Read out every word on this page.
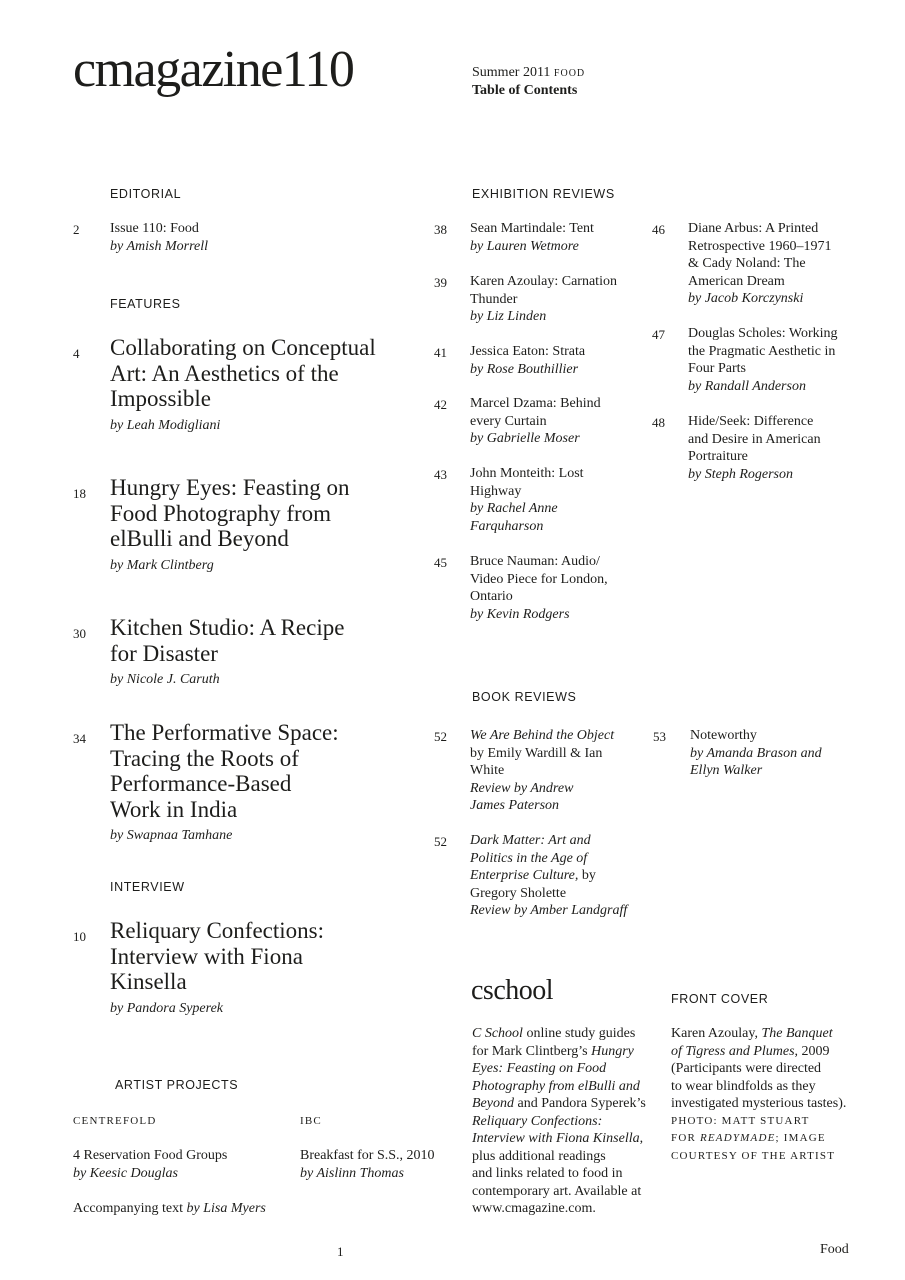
cmagazine110	Summer 2011 FOOD
Table of Contents
EDITORIAL
2 Issue 110: Food
by Amish Morrell
FEATURES
4 Collaborating on Conceptual
Art: An Aesthetics of the
Impossible
by Leah Modigliani
18 Hungry Eyes: Feasting on
Food Photography from
elBulli and Beyond
by Mark Clintberg
30 Kitchen Studio: A Recipe
for Disaster
by Nicole J. Caruth
34 The Performative Space:
Tracing the Roots of
Performance-Based
Work in India
by Swapnaa Tamhane
INTERVIEW
10 Reliquary Confections:
Interview with Fiona
Kinsella
by Pandora Syperek
ARTIST PROJECTS
CENTREFOLD	IBC
4 Reservation Food Groups
by Keesic Douglas
Breakfast for S.S., 2010
by Aislinn Thomas
Accompanying text by Lisa Myers
EXHIBITION REVIEWS
38 Sean Martindale: Tent
by Lauren Wetmore
39 Karen Azoulay: Carnation
Thunder
by Liz Linden
41 Jessica Eaton: Strata
by Rose Bouthillier
42 Marcel Dzama: Behind
every Curtain
by Gabrielle Moser
43 John Monteith: Lost
Highway
by Rachel Anne
Farquharson
45 Bruce Nauman: Audio/
Video Piece for London,
Ontario
by Kevin Rodgers
46 Diane Arbus: A Printed
Retrospective 1960–1971
& Cady Noland: The
American Dream
by Jacob Korczynski
47 Douglas Scholes: Working
the Pragmatic Aesthetic in
Four Parts
by Randall Anderson
48 Hide/Seek: Difference
and Desire in American
Portraiture
by Steph Rogerson
BOOK REVIEWS
52 We Are Behind the Object
by Emily Wardill & Ian
White
Review by Andrew
James Paterson
52 Dark Matter: Art and
Politics in the Age of
Enterprise Culture, by
Gregory Sholette
Review by Amber Landgraff
53 Noteworthy
by Amanda Brason and
Ellyn Walker
cschool
C School online study guides
for Mark Clintberg’s Hungry
Eyes: Feasting on Food
Photography from elBulli and
Beyond and Pandora Syperek’s
Reliquary Confections:
Interview with Fiona Kinsella,
plus additional readings
and links related to food in
contemporary art. Available at
www.cmagazine.com.
FRONT COVER
Karen Azoulay, The Banquet
of Tigress and Plumes, 2009
(Participants were directed
to wear blindfolds as they
investigated mysterious tastes).
PHOTO: MATT STUART
FOR READYMADE; IMAGE
COURTESY OF THE ARTIST
1	Food
